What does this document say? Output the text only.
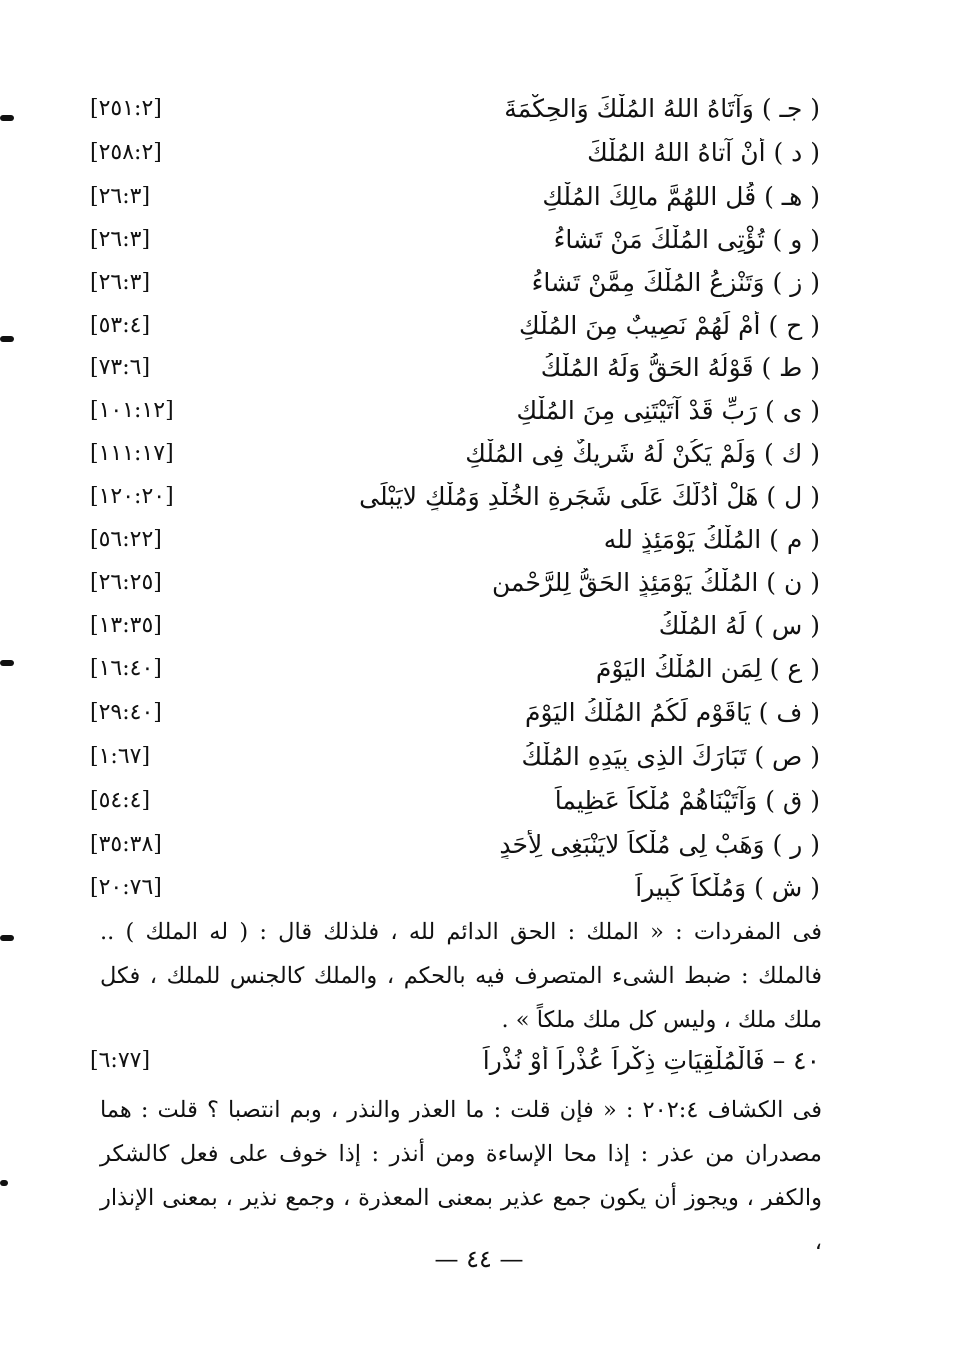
[٢٥١:٢]	( جـ ) وَآتَاهُ اللهُ المُلْكَ وَالحِكْمَةَ
[٢٥٨:٢]	( د ) أنْ آتاهُ اللهُ المُلْكَ
[٢٦:٣]	( هـ ) قُل اللهُمَّ مالِكَ المُلْكِ
[٢٦:٣]	( و ) تُؤْتِى المُلْكَ مَنْ تَشاءُ
[٢٦:٣]	( ز ) وَتَنْزِعُ المُلْكَ مِمَّنْ تَشاءُ
[٥٣:٤]	( ح ) أَمْ لَهُمْ نَصِيبٌ مِنَ المُلْكِ
[٧٣:٦]	( ط ) قَوْلُهُ الحَقُّ وَلَهُ المُلْكُ
[١٠١:١٢]	( ى ) رَبِّ قَدْ آتَيْتَنِى مِنَ المُلْكِ
[١١١:١٧]	( ك ) وَلَمْ يَكُنْ لَهُ شَرِيكٌ فِى المُلْكِ
[١٢٠:٢٠]	( ل ) هَلْ أَدُلُّكَ عَلَى شَجَرةِ الخُلْدِ وَمُلْكٍ لايَبْلَى
[٥٦:٢٢]	( م ) المُلْكُ يَوْمَئِذٍ لله
[٢٦:٢٥]	( ن ) المُلْكُ يَوْمَئِذٍ الحَقُّ لِلرَّحْمن
[١٣:٣٥]	( س ) لَهُ المُلْكُ
[١٦:٤٠]	( ع ) لِمَنِ المُلْكُ اليَوْمَ
[٢٩:٤٠]	( ف ) يَاقَوْمِ لَكُمُ المُلْكُ اليَوْمَ
[١:٦٧]	( ص ) تَبَارَكَ الذِى بِيَدِهِ المُلْكُ
[٥٤:٤]	( ق ) وَآتَيْنَاهُمْ مُلْكاً عَظِيماً
[٣٥:٣٨]	( ر ) وَهَبْ لِى مُلْكاً لايَنْبَغِى لِأَحَدٍ
[٢٠:٧٦]	( ش ) وَمُلْكاً كَبِيراً

فى المفردات : « الملك : الحق الدائم لله ، فلذلك قال : ( له الملك ) .. فالملك : ضبط الشىء المتصرف فيه بالحكم ، والملك كالجنس للملك ، فكل ملك ملك ، وليس كل ملك ملكاً » .

[٦:٧٧]	٤٠ – فَالْمُلْقِيَاتِ ذِكْراً عُذْراً أَوْ نُذْراً

فى الكشاف ٢٠٢:٤ : « فإن قلت : ما العذر والنذر ، وبم انتصبا ؟ قلت : هما مصدران من عذر : إذا محا الإساءة ومن أنذر : إذا خوف على فعل كالشكر والكفر ، ويجوز أن يكون جمع عذير بمعنى المعذرة ، وجمع نذير ، بمعنى الإنذار ،

— ٤٤ —
